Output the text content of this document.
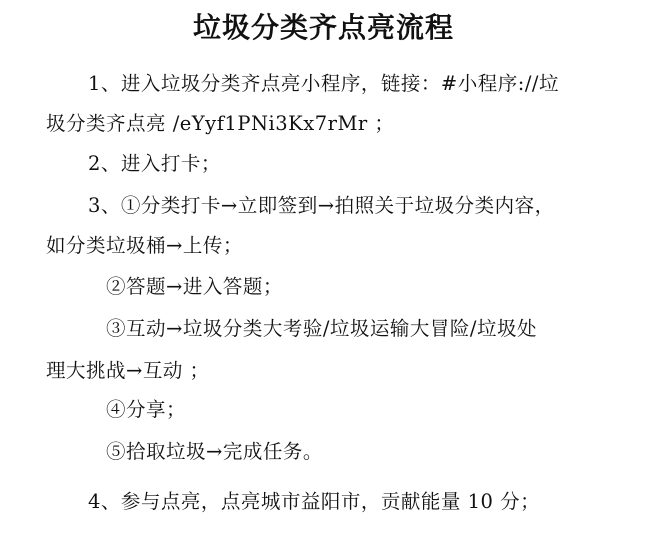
垃圾分类齐点亮流程
1、进入垃圾分类齐点亮小程序，链接：#小程序://垃
圾分类齐点亮 /eYyf1PNi3Kx7rMr ；
2、进入打卡；
3、①分类打卡→立即签到→拍照关于垃圾分类内容，
如分类垃圾桶→上传；
②答题→进入答题；
③互动→垃圾分类大考验/垃圾运输大冒险/垃圾处
理大挑战→互动 ；
④分享；
⑤拾取垃圾→完成任务。
4、参与点亮，点亮城市益阳市，贡献能量 10 分；
